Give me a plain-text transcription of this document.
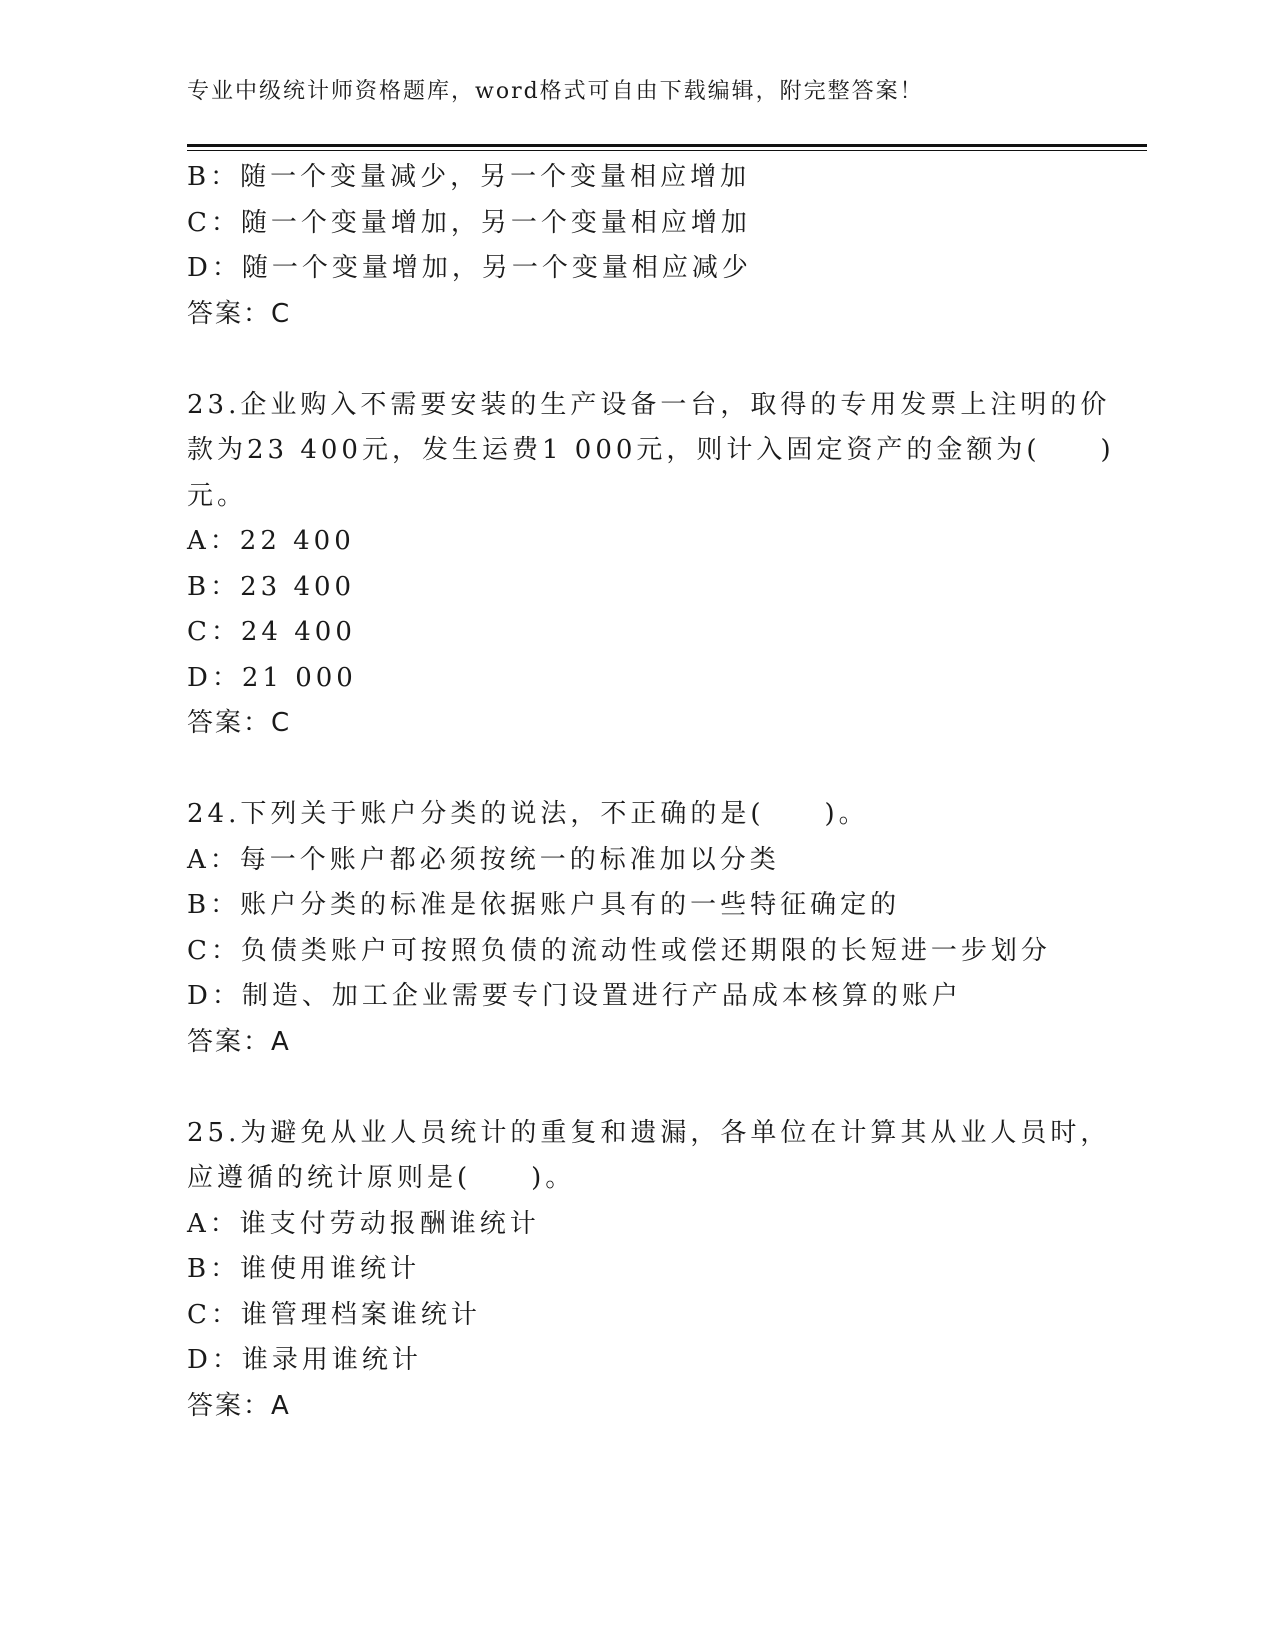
专业中级统计师资格题库，word格式可自由下载编辑，附完整答案！
B：随一个变量减少，另一个变量相应增加
C：随一个变量增加，另一个变量相应增加
D：随一个变量增加，另一个变量相应减少
答案：C
23.企业购入不需要安装的生产设备一台，取得的专用发票上注明的价
款为23 400元，发生运费1 000元，则计入固定资产的金额为(　　)
元。
A：22 400
B：23 400
C：24 400
D：21 000
答案：C
24.下列关于账户分类的说法，不正确的是(　　)。
A：每一个账户都必须按统一的标准加以分类
B：账户分类的标准是依据账户具有的一些特征确定的
C：负债类账户可按照负债的流动性或偿还期限的长短进一步划分
D：制造、加工企业需要专门设置进行产品成本核算的账户
答案：A
25.为避免从业人员统计的重复和遗漏，各单位在计算其从业人员时，
应遵循的统计原则是(　　)。
A：谁支付劳动报酬谁统计
B：谁使用谁统计
C：谁管理档案谁统计
D：谁录用谁统计
答案：A
